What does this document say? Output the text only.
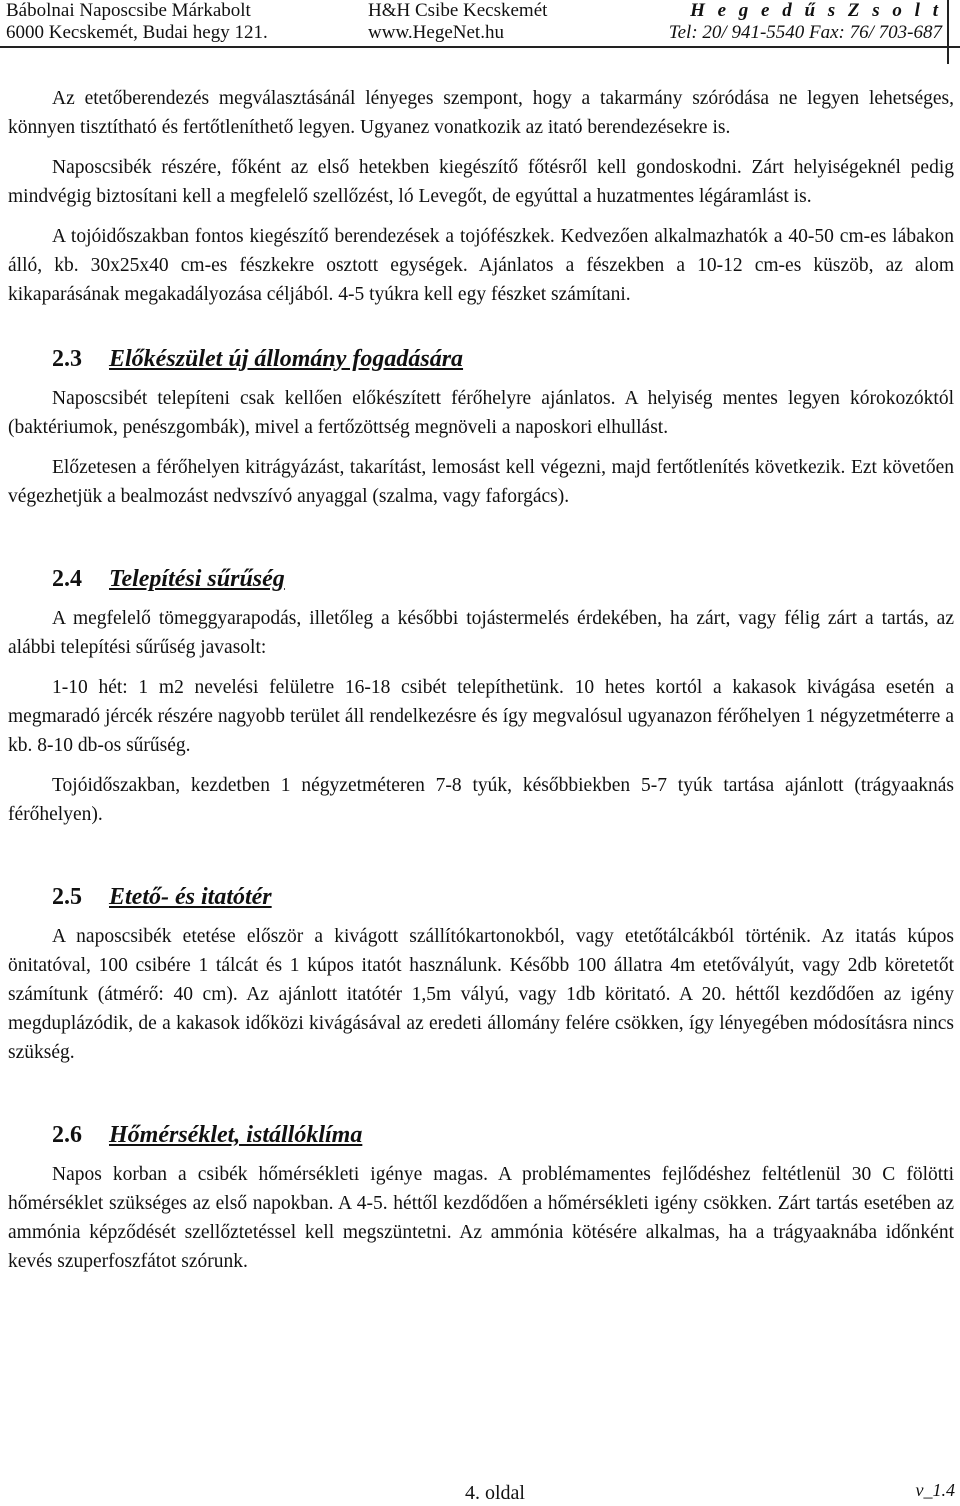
Bábolnai Naposcsibe Márkabolt
6000 Kecskemét, Budai hegy 121.
H&H Csibe Kecskemét
www.HegeNet.hu
H e g e d ű s Z s o l t
Tel: 20/ 941-5540 Fax: 76/ 703-687

Az etetőberendezés megválasztásánál lényeges szempont, hogy a takarmány szóródása ne legyen lehetséges, könnyen tisztítható és fertőtleníthető legyen. Ugyanez vonatkozik az itató berendezésekre is.

Naposcsibék részére, főként az első hetekben kiegészítő főtésről kell gondoskodni. Zárt helyiségeknél pedig mindvégig biztosítani kell a megfelelő szellőzést, ló Levegőt, de egyúttal a huzatmentes légáramlást is.

A tojóidőszakban fontos kiegészítő berendezések a tojófészkek. Kedvezően alkalmazhatók a 40-50 cm-es lábakon álló, kb. 30x25x40 cm-es fészkekre osztott egységek. Ajánlatos a fészekben a 10-12 cm-es küszöb, az alom kikaparásának megakadályozása céljából. 4-5 tyúkra kell egy fészket számítani.

2.3 Előkészület új állomány fogadására

Naposcsibét telepíteni csak kellően előkészített férőhelyre ajánlatos. A helyiség mentes legyen kórokozóktól (baktériumok, penészgombák), mivel a fertőzöttség megnöveli a naposkori elhullást.

Előzetesen a férőhelyen kitrágyázást, takarítást, lemosást kell végezni, majd fertőtlenítés következik. Ezt követően végezhetjük a bealmozást nedvszívó anyaggal (szalma, vagy faforgács).

2.4 Telepítési sűrűség

A megfelelő tömeggyarapodás, illetőleg a későbbi tojástermelés érdekében, ha zárt, vagy félig zárt a tartás, az alábbi telepítési sűrűség javasolt:

1-10 hét: 1 m2 nevelési felületre 16-18 csibét telepíthetünk. 10 hetes kortól a kakasok kivágása esetén a megmaradó jércék részére nagyobb terület áll rendelkezésre és így megvalósul ugyanazon férőhelyen 1 négyzetméterre a kb. 8-10 db-os sűrűség.

Tojóidőszakban, kezdetben 1 négyzetméteren 7-8 tyúk, későbbiekben 5-7 tyúk tartása ajánlott (trágyaaknás férőhelyen).

2.5 Etető- és itatótér

A naposcsibék etetése először a kivágott szállítókartonokból, vagy etetőtálcákból történik. Az itatás kúpos önitatóval, 100 csibére 1 tálcát és 1 kúpos itatót használunk. Később 100 állatra 4m etetővályút, vagy 2db köretetőt számítunk (átmérő: 40 cm). Az ajánlott itatótér 1,5m vályú, vagy 1db köritató. A 20. héttől kezdődően az igény megduplázódik, de a kakasok időközi kivágásával az eredeti állomány felére csökken, így lényegében módosításra nincs szükség.

2.6 Hőmérséklet, istállóklíma

Napos korban a csibék hőmérsékleti igénye magas. A problémamentes fejlődéshez feltétlenül 30 C fölötti hőmérséklet szükséges az első napokban. A 4-5. héttől kezdődően a hőmérsékleti igény csökken. Zárt tartás esetében az ammónia képződését szellőztetéssel kell megszüntetni. Az ammónia kötésére alkalmas, ha a trágyaaknába időnként kevés szuperfoszfátot szórunk.

4. oldal	v_1.4
